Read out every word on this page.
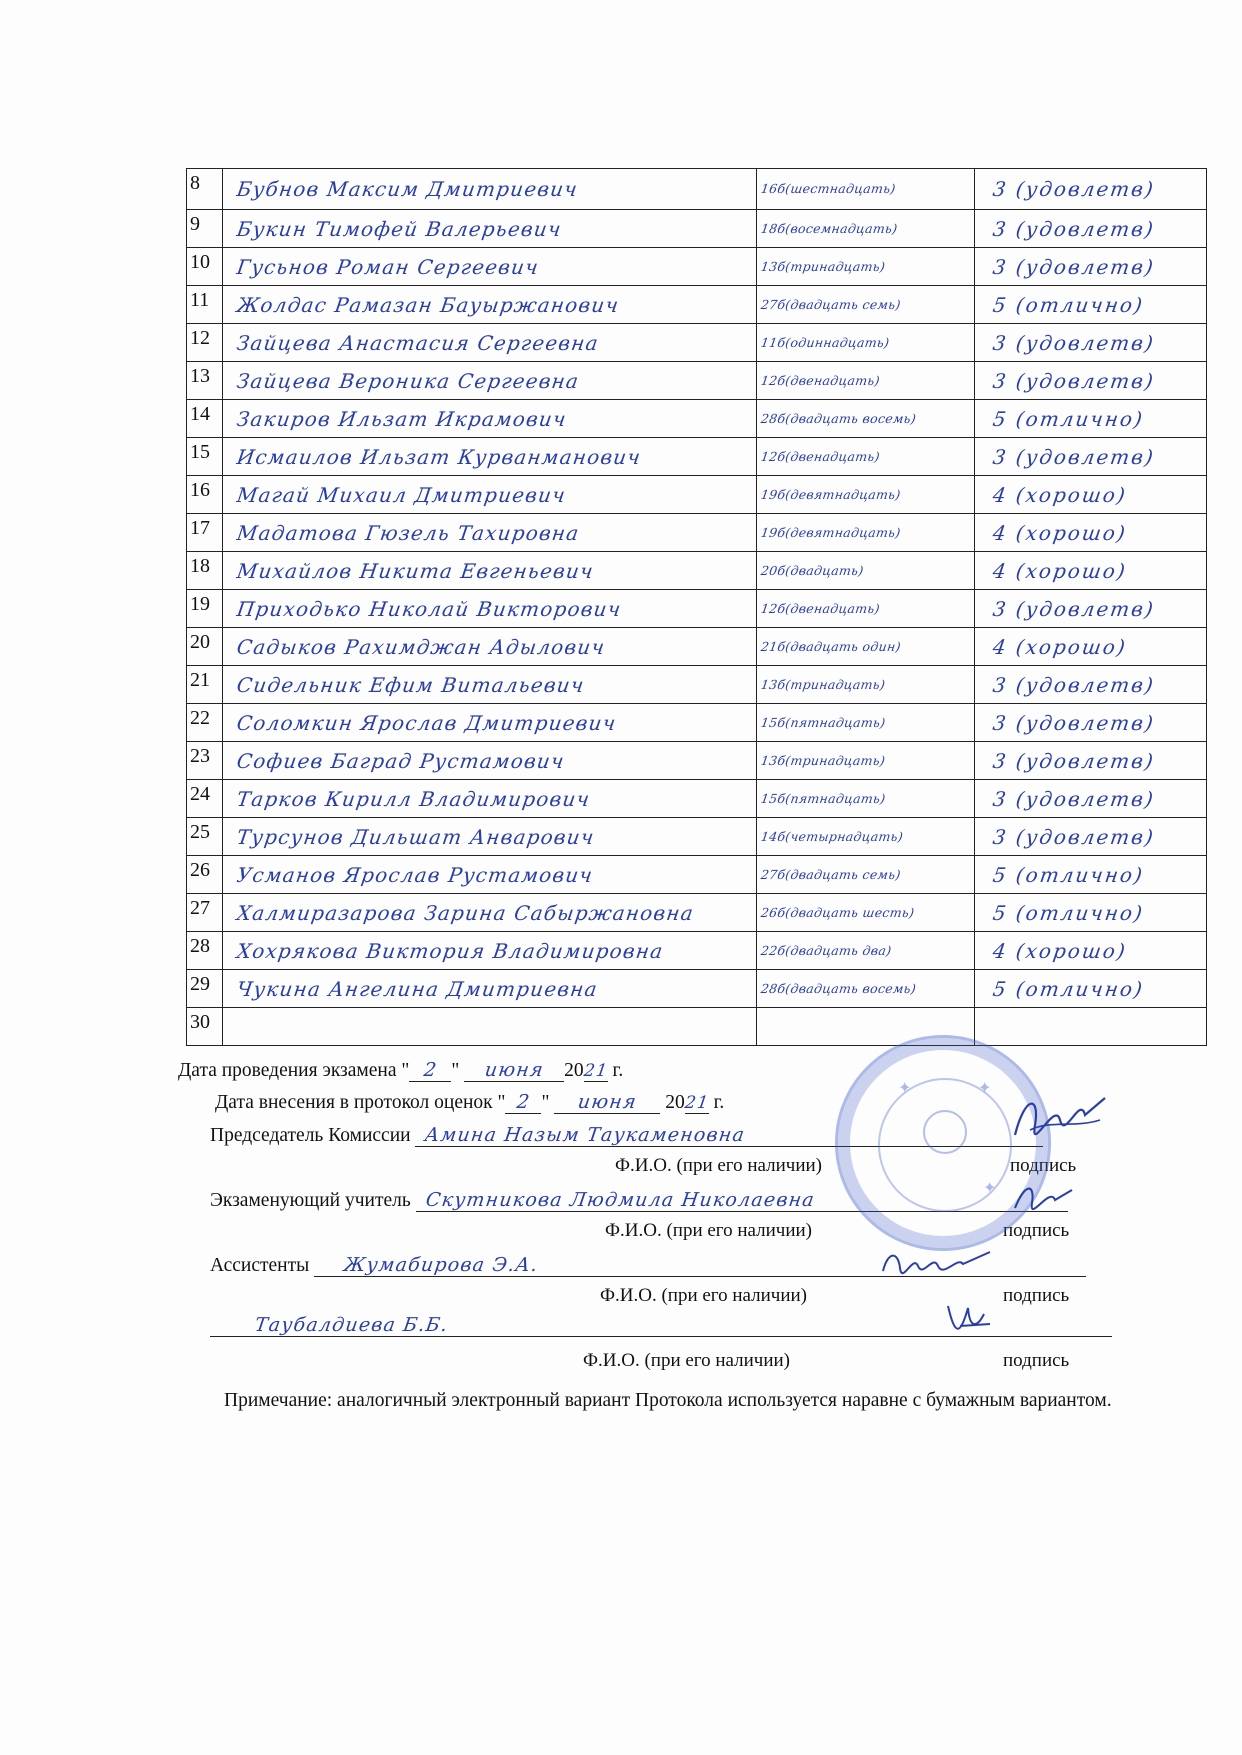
8	Бубнов Максим Дмитриевич	16б(шестнадцать)	3 (удовлетв)
9	Букин Тимофей Валерьевич	18б(восемнадцать)	3 (удовлетв)
10	Гусьнов Роман Сергеевич	13б(тринадцать)	3 (удовлетв)
11	Жолдас Рамазан Бауыржанович	27б(двадцать семь)	5 (отлично)
12	Зайцева Анастасия Сергеевна	11б(одиннадцать)	3 (удовлетв)
13	Зайцева Вероника Сергеевна	12б(двенадцать)	3 (удовлетв)
14	Закиров Ильзат Икрамович	28б(двадцать восемь)	5 (отлично)
15	Исмаилов Ильзат Курванманович	12б(двенадцать)	3 (удовлетв)
16	Магай Михаил Дмитриевич	19б(девятнадцать)	4 (хорошо)
17	Мадатова Гюзель Тахировна	19б(девятнадцать)	4 (хорошо)
18	Михайлов Никита Евгеньевич	20б(двадцать)	4 (хорошо)
19	Приходько Николай Викторович	12б(двенадцать)	3 (удовлетв)
20	Садыков Рахимджан Адылович	21б(двадцать один)	4 (хорошо)
21	Сидельник Ефим Витальевич	13б(тринадцать)	3 (удовлетв)
22	Соломкин Ярослав Дмитриевич	15б(пятнадцать)	3 (удовлетв)
23	Софиев Баград Рустамович	13б(тринадцать)	3 (удовлетв)
24	Тарков Кирилл Владимирович	15б(пятнадцать)	3 (удовлетв)
25	Турсунов Дильшат Анварович	14б(четырнадцать)	3 (удовлетв)
26	Усманов Ярослав Рустамович	27б(двадцать семь)	5 (отлично)
27	Халмиразарова Зарина Сабыржановна	26б(двадцать шесть)	5 (отлично)
28	Хохрякова Виктория Владимировна	22б(двадцать два)	4 (хорошо)
29	Чукина Ангелина Дмитриевна	28б(двадцать восемь)	5 (отлично)
30			
Дата проведения экзамена " 2 " июня 2021 г.
Дата внесения в протокол оценок " 2 " июня 2021 г.
Председатель Комиссии Амина Назым Таукаменовна
Ф.И.О. (при его наличии)	подпись
Экзаменующий учитель Скутникова Людмила Николаевна
Ф.И.О. (при его наличии)	подпись
Ассистенты Жумабирова Э.А.
Ф.И.О. (при его наличии)	подпись
Таубалдиева Б.Б.
Ф.И.О. (при его наличии)	подпись
✦	✦
✦
Примечание: аналогичный электронный вариант Протокола используется наравне с бумажным вариантом.
